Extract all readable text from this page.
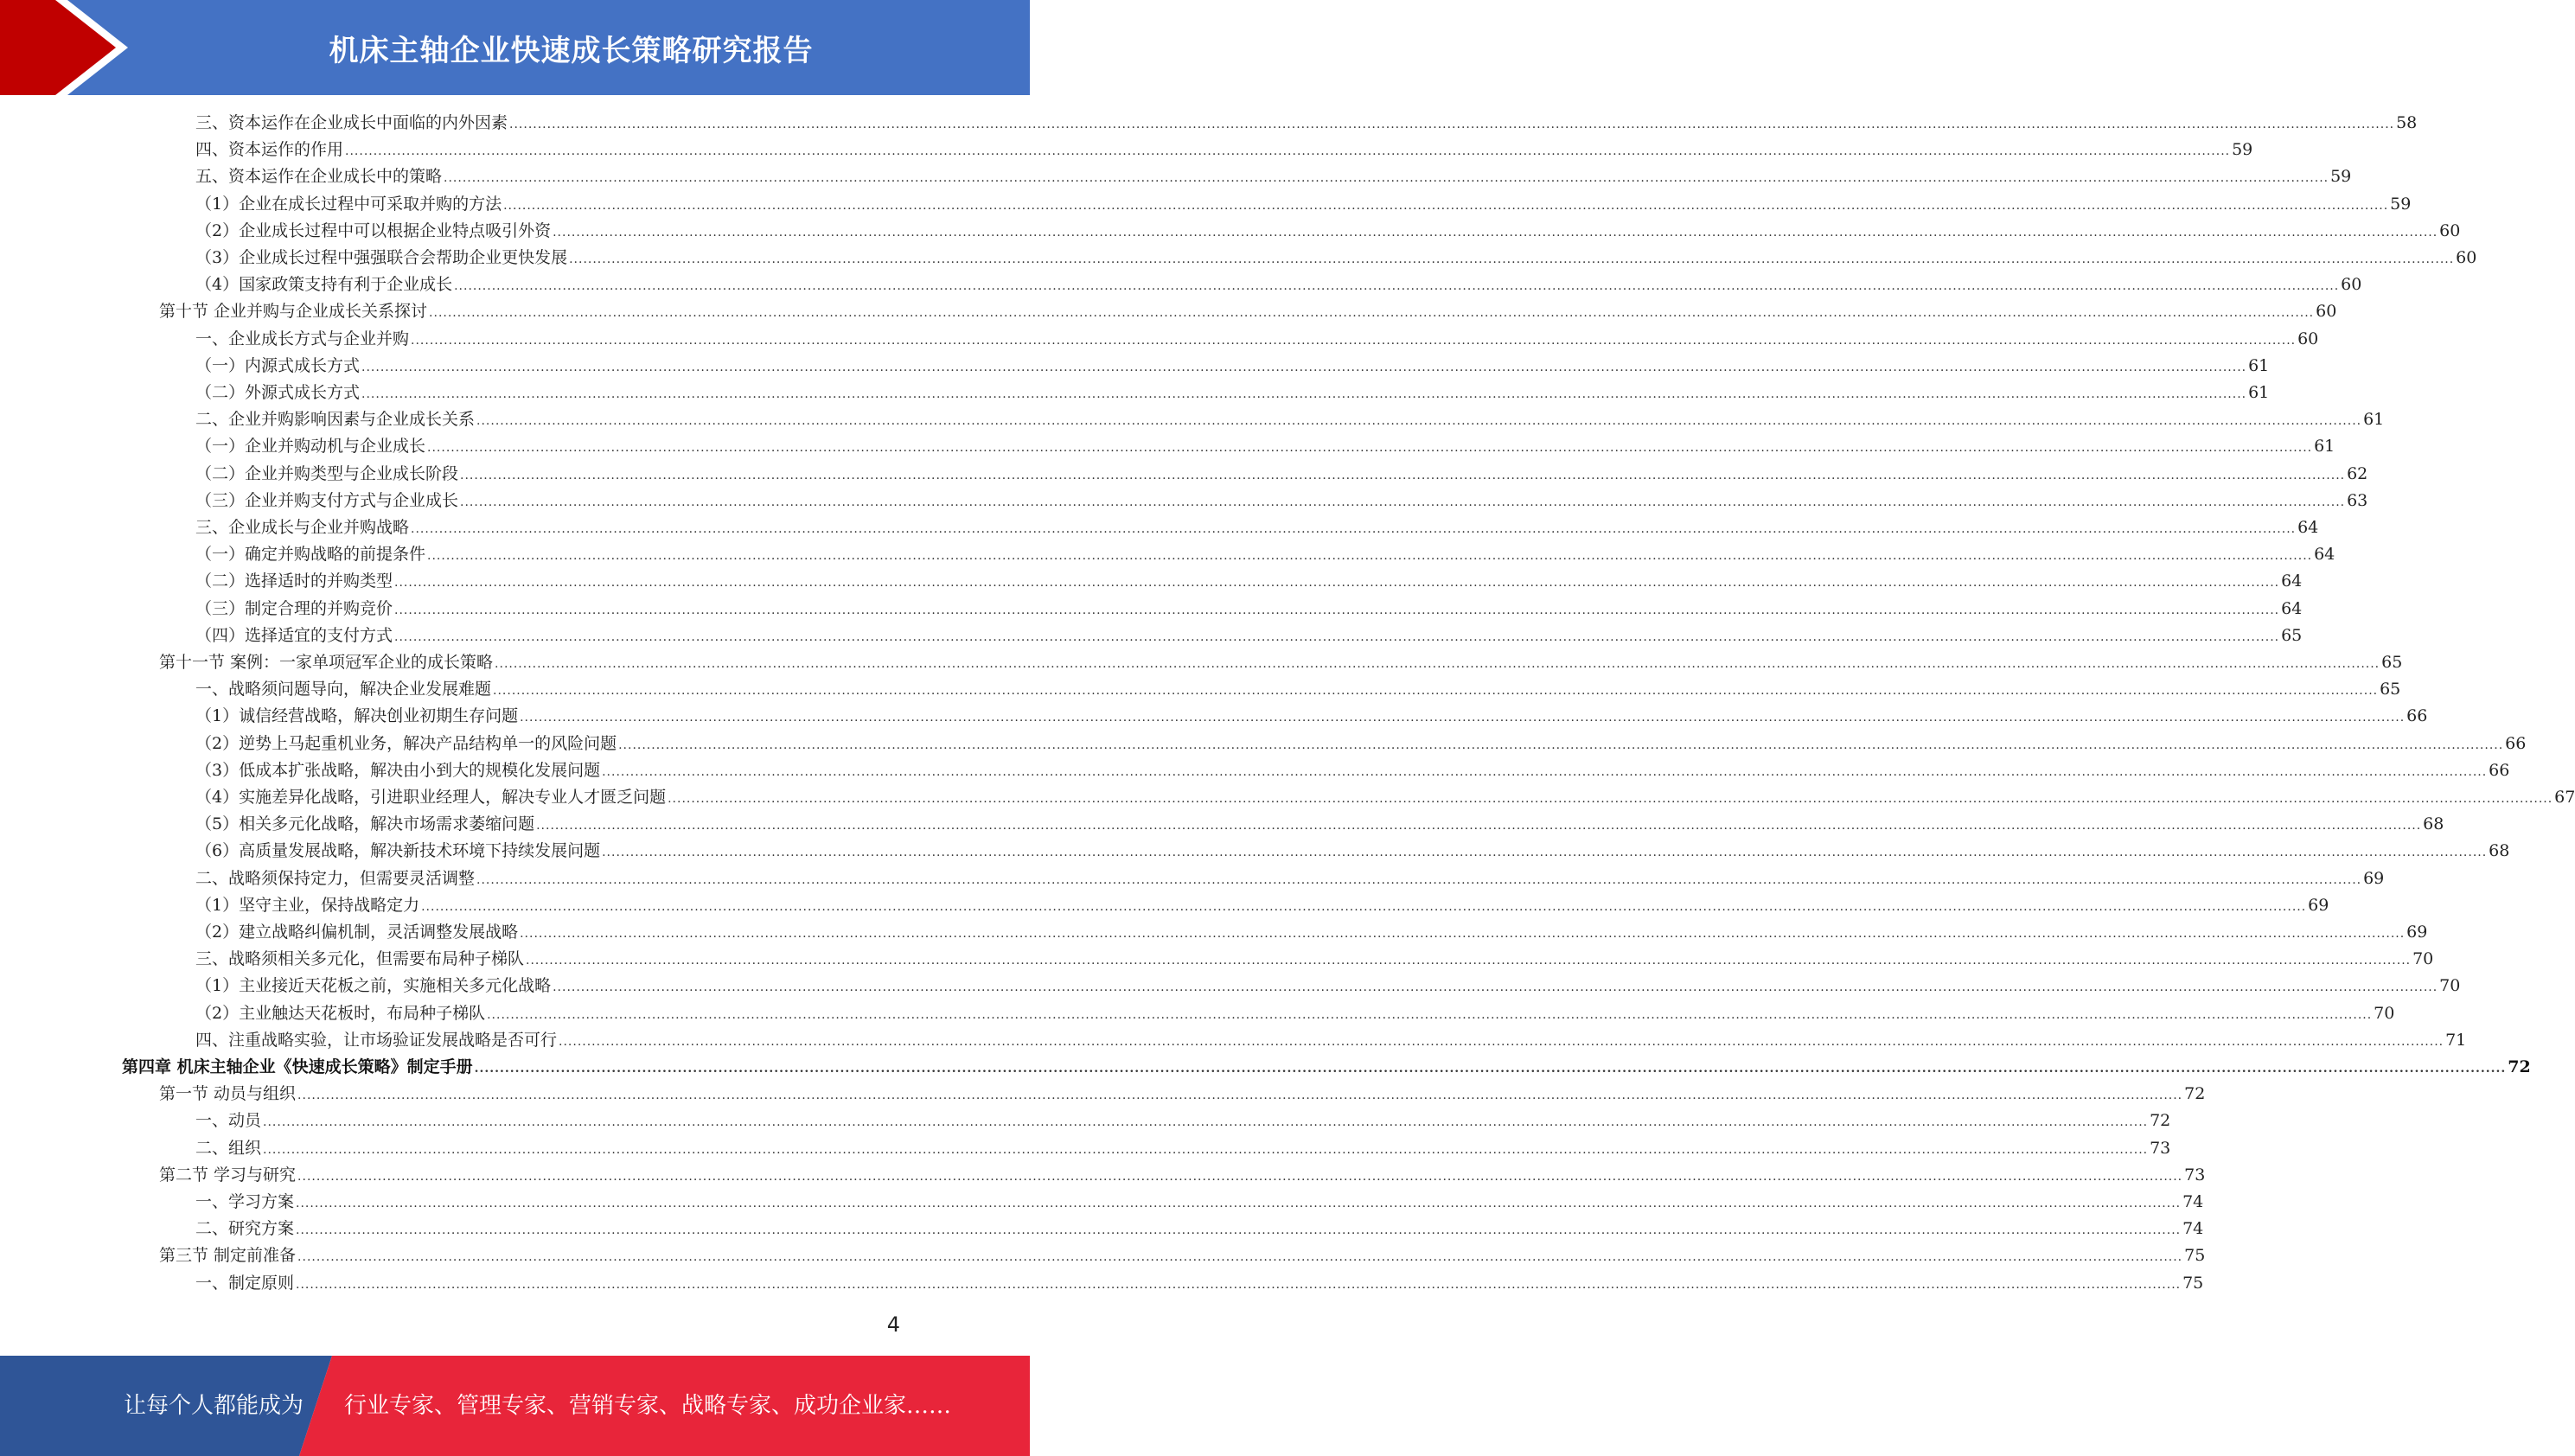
机床主轴企业快速成长策略研究报告
三、资本运作在企业成长中面临的内外因素 ................................................................................................................................................................................................................................................................................................................................................................................................................ 58
四、资本运作的作用 ................................................................................................................................................................................................................................................................................................................................................................................................................ 59
五、资本运作在企业成长中的策略 ................................................................................................................................................................................................................................................................................................................................................................................................................ 59
（1）企业在成长过程中可采取并购的方法 ................................................................................................................................................................................................................................................................................................................................................................................................................ 59
（2）企业成长过程中可以根据企业特点吸引外资 ................................................................................................................................................................................................................................................................................................................................................................................................................ 60
（3）企业成长过程中强强联合会帮助企业更快发展 ................................................................................................................................................................................................................................................................................................................................................................................................................ 60
（4）国家政策支持有利于企业成长 ................................................................................................................................................................................................................................................................................................................................................................................................................ 60
第十节 企业并购与企业成长关系探讨 ................................................................................................................................................................................................................................................................................................................................................................................................................ 60
一、企业成长方式与企业并购 ................................................................................................................................................................................................................................................................................................................................................................................................................ 60
（一）内源式成长方式 ................................................................................................................................................................................................................................................................................................................................................................................................................ 61
（二）外源式成长方式 ................................................................................................................................................................................................................................................................................................................................................................................................................ 61
二、企业并购影响因素与企业成长关系 ................................................................................................................................................................................................................................................................................................................................................................................................................ 61
（一）企业并购动机与企业成长 ................................................................................................................................................................................................................................................................................................................................................................................................................ 61
（二）企业并购类型与企业成长阶段 ................................................................................................................................................................................................................................................................................................................................................................................................................ 62
（三）企业并购支付方式与企业成长 ................................................................................................................................................................................................................................................................................................................................................................................................................ 63
三、企业成长与企业并购战略 ................................................................................................................................................................................................................................................................................................................................................................................................................ 64
（一）确定并购战略的前提条件 ................................................................................................................................................................................................................................................................................................................................................................................................................ 64
（二）选择适时的并购类型 ................................................................................................................................................................................................................................................................................................................................................................................................................ 64
（三）制定合理的并购竞价 ................................................................................................................................................................................................................................................................................................................................................................................................................ 64
（四）选择适宜的支付方式 ................................................................................................................................................................................................................................................................................................................................................................................................................ 65
第十一节 案例：一家单项冠军企业的成长策略 ................................................................................................................................................................................................................................................................................................................................................................................................................ 65
一、战略须问题导向，解决企业发展难题 ................................................................................................................................................................................................................................................................................................................................................................................................................ 65
（1）诚信经营战略，解决创业初期生存问题 ................................................................................................................................................................................................................................................................................................................................................................................................................ 66
（2）逆势上马起重机业务，解决产品结构单一的风险问题 ................................................................................................................................................................................................................................................................................................................................................................................................................ 66
（3）低成本扩张战略，解决由小到大的规模化发展问题 ................................................................................................................................................................................................................................................................................................................................................................................................................ 66
（4）实施差异化战略，引进职业经理人，解决专业人才匮乏问题 ................................................................................................................................................................................................................................................................................................................................................................................................................ 67
（5）相关多元化战略，解决市场需求萎缩问题 ................................................................................................................................................................................................................................................................................................................................................................................................................ 68
（6）高质量发展战略，解决新技术环境下持续发展问题 ................................................................................................................................................................................................................................................................................................................................................................................................................ 68
二、战略须保持定力，但需要灵活调整 ................................................................................................................................................................................................................................................................................................................................................................................................................ 69
（1）坚守主业，保持战略定力 ................................................................................................................................................................................................................................................................................................................................................................................................................ 69
（2）建立战略纠偏机制，灵活调整发展战略 ................................................................................................................................................................................................................................................................................................................................................................................................................ 69
三、战略须相关多元化，但需要布局种子梯队 ................................................................................................................................................................................................................................................................................................................................................................................................................ 70
（1）主业接近天花板之前，实施相关多元化战略 ................................................................................................................................................................................................................................................................................................................................................................................................................ 70
（2）主业触达天花板时，布局种子梯队 ................................................................................................................................................................................................................................................................................................................................................................................................................ 70
四、注重战略实验，让市场验证发展战略是否可行 ................................................................................................................................................................................................................................................................................................................................................................................................................ 71
第四章 机床主轴企业《快速成长策略》制定手册 ................................................................................................................................................................................................................................................................................................................................................................................................................ 72
第一节 动员与组织 ................................................................................................................................................................................................................................................................................................................................................................................................................ 72
一、动员 ................................................................................................................................................................................................................................................................................................................................................................................................................ 72
二、组织 ................................................................................................................................................................................................................................................................................................................................................................................................................ 73
第二节 学习与研究 ................................................................................................................................................................................................................................................................................................................................................................................................................ 73
一、学习方案 ................................................................................................................................................................................................................................................................................................................................................................................................................ 74
二、研究方案 ................................................................................................................................................................................................................................................................................................................................................................................................................ 74
第三节 制定前准备 ................................................................................................................................................................................................................................................................................................................................................................................................................ 75
一、制定原则 ................................................................................................................................................................................................................................................................................................................................................................................................................ 75
4
让每个人都能成为 行业专家、管理专家、营销专家、战略专家、成功企业家……
